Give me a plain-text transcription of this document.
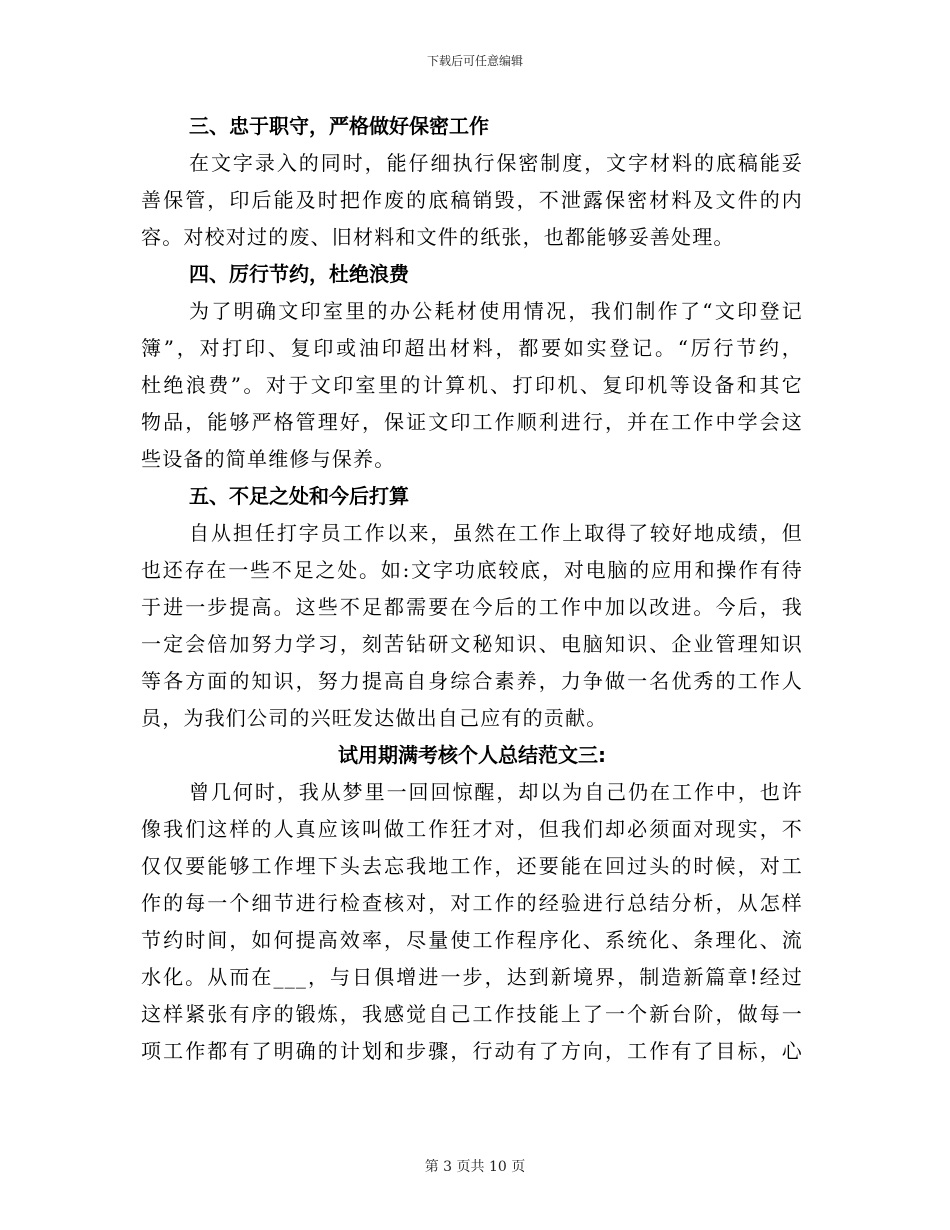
下载后可任意编辑
三、忠于职守，严格做好保密工作
在文字录入的同时，能仔细执行保密制度，文字材料的底稿能妥
善保管，印后能及时把作废的底稿销毁，不泄露保密材料及文件的内
容。对校对过的废、旧材料和文件的纸张，也都能够妥善处理。
四、厉行节约，杜绝浪费
为了明确文印室里的办公耗材使用情况，我们制作了“文印登记
簿”，对打印、复印或油印超出材料，都要如实登记。“厉行节约，
杜绝浪费”。对于文印室里的计算机、打印机、复印机等设备和其它
物品，能够严格管理好，保证文印工作顺利进行，并在工作中学会这
些设备的简单维修与保养。
五、不足之处和今后打算
自从担任打字员工作以来，虽然在工作上取得了较好地成绩，但
也还存在一些不足之处。如:文字功底较底，对电脑的应用和操作有待
于进一步提高。这些不足都需要在今后的工作中加以改进。今后，我
一定会倍加努力学习，刻苦钻研文秘知识、电脑知识、企业管理知识
等各方面的知识，努力提高自身综合素养，力争做一名优秀的工作人
员，为我们公司的兴旺发达做出自己应有的贡献。
试用期满考核个人总结范文三:
曾几何时，我从梦里一回回惊醒，却以为自己仍在工作中，也许
像我们这样的人真应该叫做工作狂才对，但我们却必须面对现实，不
仅仅要能够工作埋下头去忘我地工作，还要能在回过头的时候，对工
作的每一个细节进行检查核对，对工作的经验进行总结分析，从怎样
节约时间，如何提高效率，尽量使工作程序化、系统化、条理化、流
水化。从而在___，与日俱增进一步，达到新境界，制造新篇章!经过
这样紧张有序的锻炼，我感觉自己工作技能上了一个新台阶，做每一
项工作都有了明确的计划和步骤，行动有了方向，工作有了目标，心
第 3 页共 10 页
